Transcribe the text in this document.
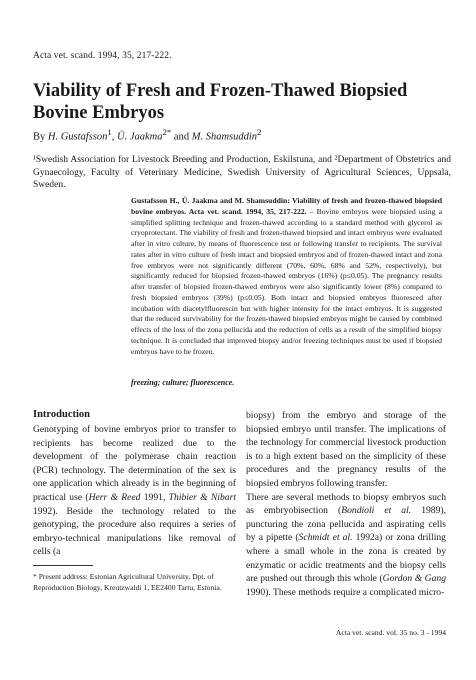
Acta vet. scand. 1994, 35, 217-222.
Viability of Fresh and Frozen-Thawed Biopsied
Bovine Embryos
By H. Gustafsson$^1$, Ü. Jaakma$^{2*}$ and M. Shamsuddin$^2$
¹Swedish Association for Livestock Breeding and Production, Eskilstuna, and ²Department of Obstetrics and Gynaecology, Faculty of Veterinary Medicine, Swedish University of Agricultural Sciences, Uppsala, Sweden.
Gustafsson H., Ü. Jaakma and M. Shamsuddin: Viability of fresh and frozen-thawed biopsied bovine embryos. Acta vet. scand. 1994, 35, 217-222. – Bovine embryos were biopsied using a simplified splitting technique and frozen-thawed according to a standard method with glycerol as cryoprotectant. The viability of fresh and frozen-thawed biopsied and intact embryos were evaluated after in vitro culture, by means of fluorescence test or following transfer to recipients. The survival rates after in vitro culture of fresh intact and biopsied embryos and of frozen-thawed intact and zona free embryos were not significantly different (70%, 60%, 68% and 52%, respectively), but significantly reduced for biopsied frozen-thawed embryos (16%) (p≤0.05). The pregnancy results after transfer of biopsied frozen-thawed embryos were also significantly lower (8%) compared to fresh biopsied embryos (39%) (p≤0.05). Both intact and biopsied embryos fluoresced after incubation with diacetylfluorescin but with higher intensity for the intact embryos. It is suggested that the reduced survivability for the frozen-thawed biopsied embryos might be caused by combined effects of the loss of the zona pellucida and the reduction of cells as a result of the simplified biopsy technique. It is concluded that improved biopsy and/or freezing techniques must be used if biopsied embryos have to be frozen.
freezing; culture; fluorescence.
Introduction
Genotyping of bovine embryos prior to transfer to recipients has become realized due to the development of the polymerase chain reaction (PCR) technology. The determination of the sex is one application which already is in the beginning of practical use (Herr & Reed 1991, Thibier & Nibart 1992). Beside the technology related to the genotyping, the procedure also requires a series of embryo-technical manipulations like removal of cells (a
biopsy) from the embryo and storage of the biopsied embryo until transfer. The implications of the technology for commercial livestock production is to a high extent based on the simplicity of these procedures and the pregnancy results of the biopsied embryos following transfer.
There are several methods to biopsy embryos such as embryobisection (Bondioli et al. 1989), puncturing the zona pellucida and aspirating cells by a pipette (Schmidt et al. 1992a) or zona drilling where a small whole in the zona is created by enzymatic or acidic treatments and the biopsy cells are pushed out through this whole (Gordon & Gang 1990). These methods require a complicated micro-
* Present address: Estonian Agricultural University, Dpt. of Reproduction Biology, Kreutzwaldi 1, EE2400 Tartu, Estonia.
Acta vet. scand. vol. 35 no. 3 - 1994
